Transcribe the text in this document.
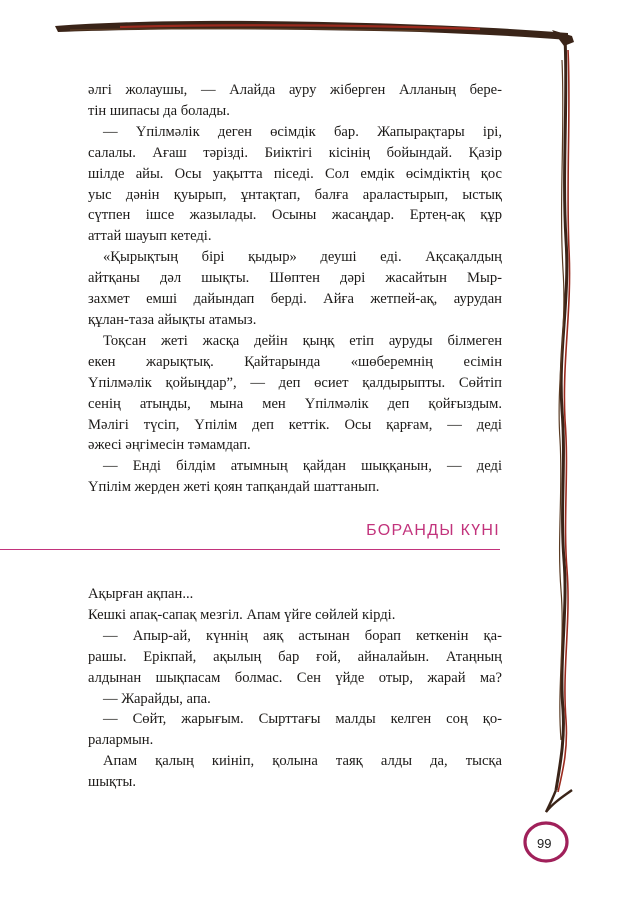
әлгі жолаушы, — Алайда ауру жіберген Алланың бере-

тін шипасы да болады.

— Үпілмәлік деген өсімдік бар. Жапырақтары ірі,

салалы. Ағаш тәрізді. Биіктігі кісінің бойындай. Қазір

шілде айы. Осы уақытта піседі. Сол емдік өсімдіктің қос

уыс дәнін қуырып, ұнтақтап, балға араластырып, ыстық

сүтпен ішсе жазылады. Осыны жасаңдар. Ертең-ақ құр

аттай шауып кетеді.

«Қырықтың бірі қыдыр» деуші еді. Ақсақалдың

айтқаны дәл шықты. Шөптен дәрі жасайтын Мыр-

захмет емші дайындап берді. Айға жетпей-ақ, аурудан

құлан-таза айықты атамыз.

Тоқсан жеті жасқа дейін қыңқ етіп ауруды білмеген

екен жарықтық. Қайтарында «шөберемнің есімін

Үпілмәлік қойыңдар”, — деп өсиет қалдырыпты. Сөйтіп

сенің атыңды, мына мен Үпілмәлік деп қойғыздым.

Мәлігі түсіп, Үпілім деп кеттік. Осы қарғам, — деді

әжесі әңгімесін тәмамдап.

— Енді білдім атымның қайдан шыққанын, — деді

Үпілім жерден жеті қоян тапқандай шаттанып.

БОРАНДЫ КҮНІ

Ақырған ақпан...

Кешкі апақ-сапақ мезгіл. Апам үйге сөйлей кірді.

— Апыр-ай, күннің аяқ астынан борап кеткенін қа-

рашы. Ерікпай, ақылың бар ғой, айналайын. Атаңның

алдынан шықпасам болмас. Сен үйде отыр, жарай ма?

— Жарайды, апа.

— Сөйт, жарығым. Сырттағы малды келген соң қо-

ралармын.

Апам қалың киініп, қолына таяқ алды да, тысқа

шықты.

99
